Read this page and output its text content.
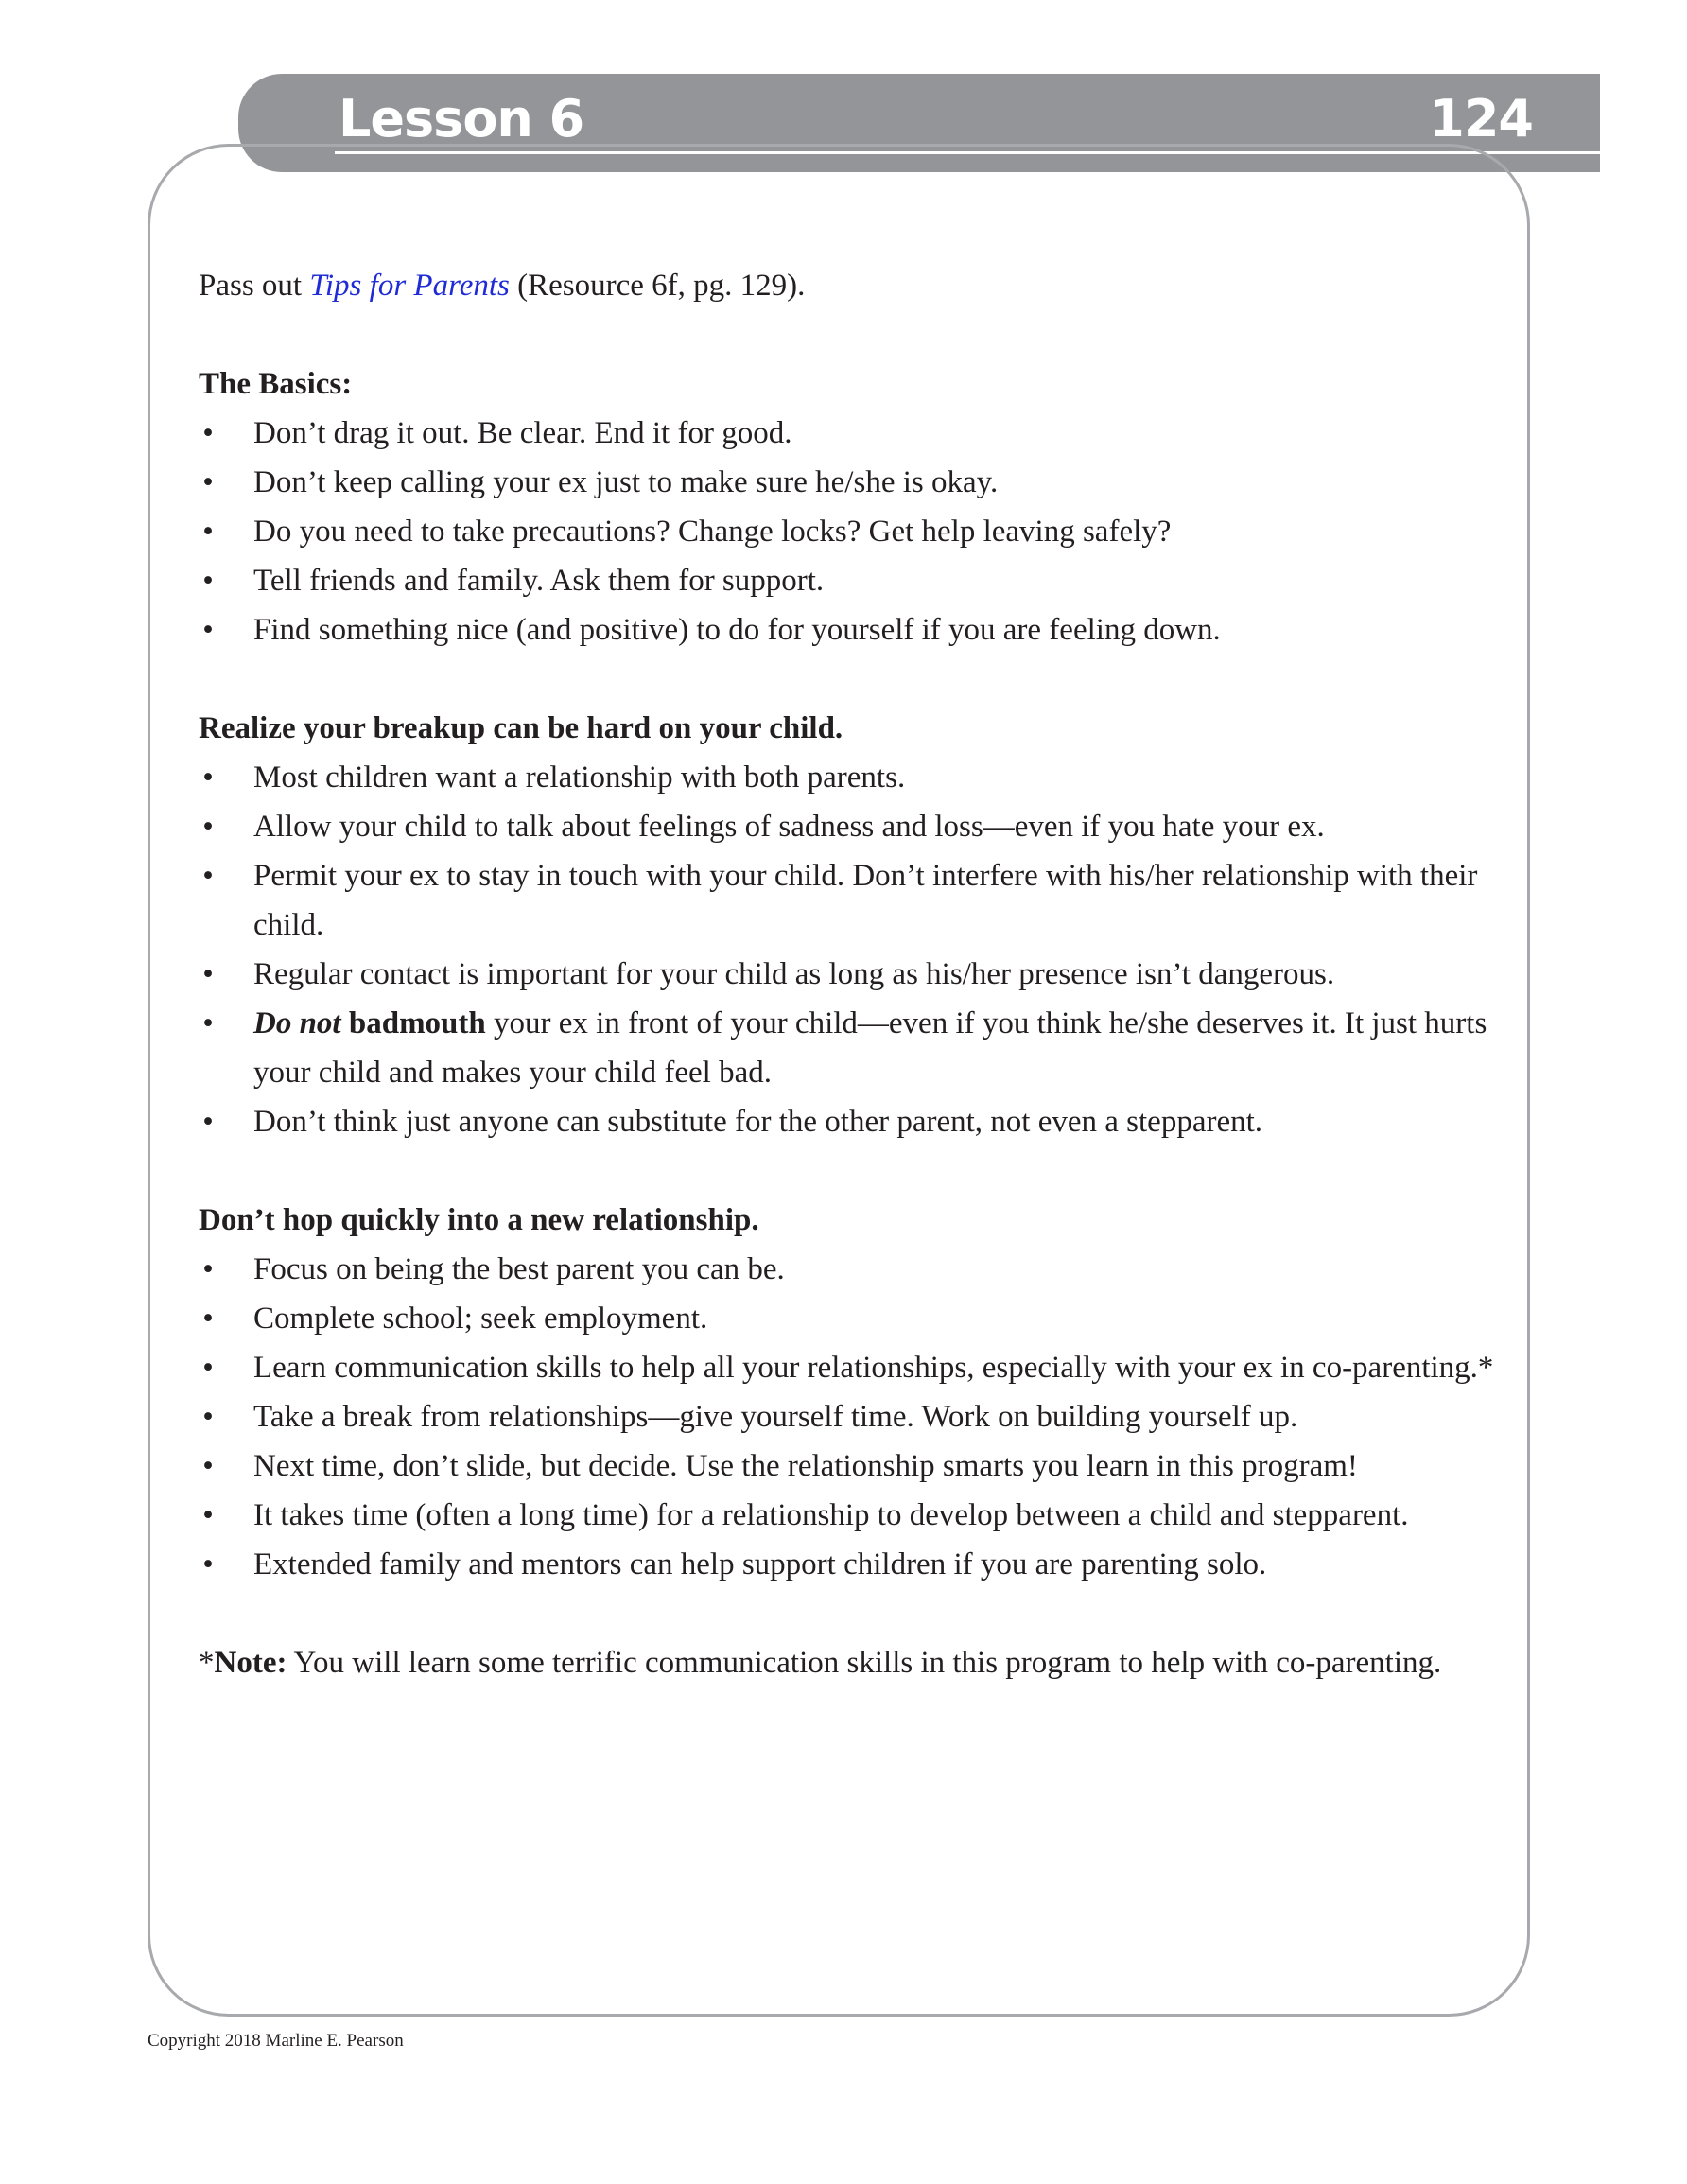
Lesson 6	124

Pass out Tips for Parents (Resource 6f, pg. 129).

The Basics:
• Don’t drag it out. Be clear. End it for good.
• Don’t keep calling your ex just to make sure he/she is okay.
• Do you need to take precautions? Change locks? Get help leaving safely?
• Tell friends and family. Ask them for support.
• Find something nice (and positive) to do for yourself if you are feeling down.
Realize your breakup can be hard on your child.
• Most children want a relationship with both parents.
• Allow your child to talk about feelings of sadness and loss—even if you hate your ex.
• Permit your ex to stay in touch with your child. Don’t interfere with his/her relationship with their child.
• Regular contact is important for your child as long as his/her presence isn’t dangerous.
• Do not badmouth your ex in front of your child—even if you think he/she deserves it. It just hurts your child and makes your child feel bad.
• Don’t think just anyone can substitute for the other parent, not even a stepparent.
Don’t hop quickly into a new relationship.
• Focus on being the best parent you can be.
• Complete school; seek employment.
• Learn communication skills to help all your relationships, especially with your ex in co-parenting.*
• Take a break from relationships—give yourself time. Work on building yourself up.
• Next time, don’t slide, but decide. Use the relationship smarts you learn in this program!
• It takes time (often a long time) for a relationship to develop between a child and stepparent.
• Extended family and mentors can help support children if you are parenting solo.

*Note: You will learn some terrific communication skills in this program to help with co-parenting.

Copyright 2018 Marline E. Pearson
